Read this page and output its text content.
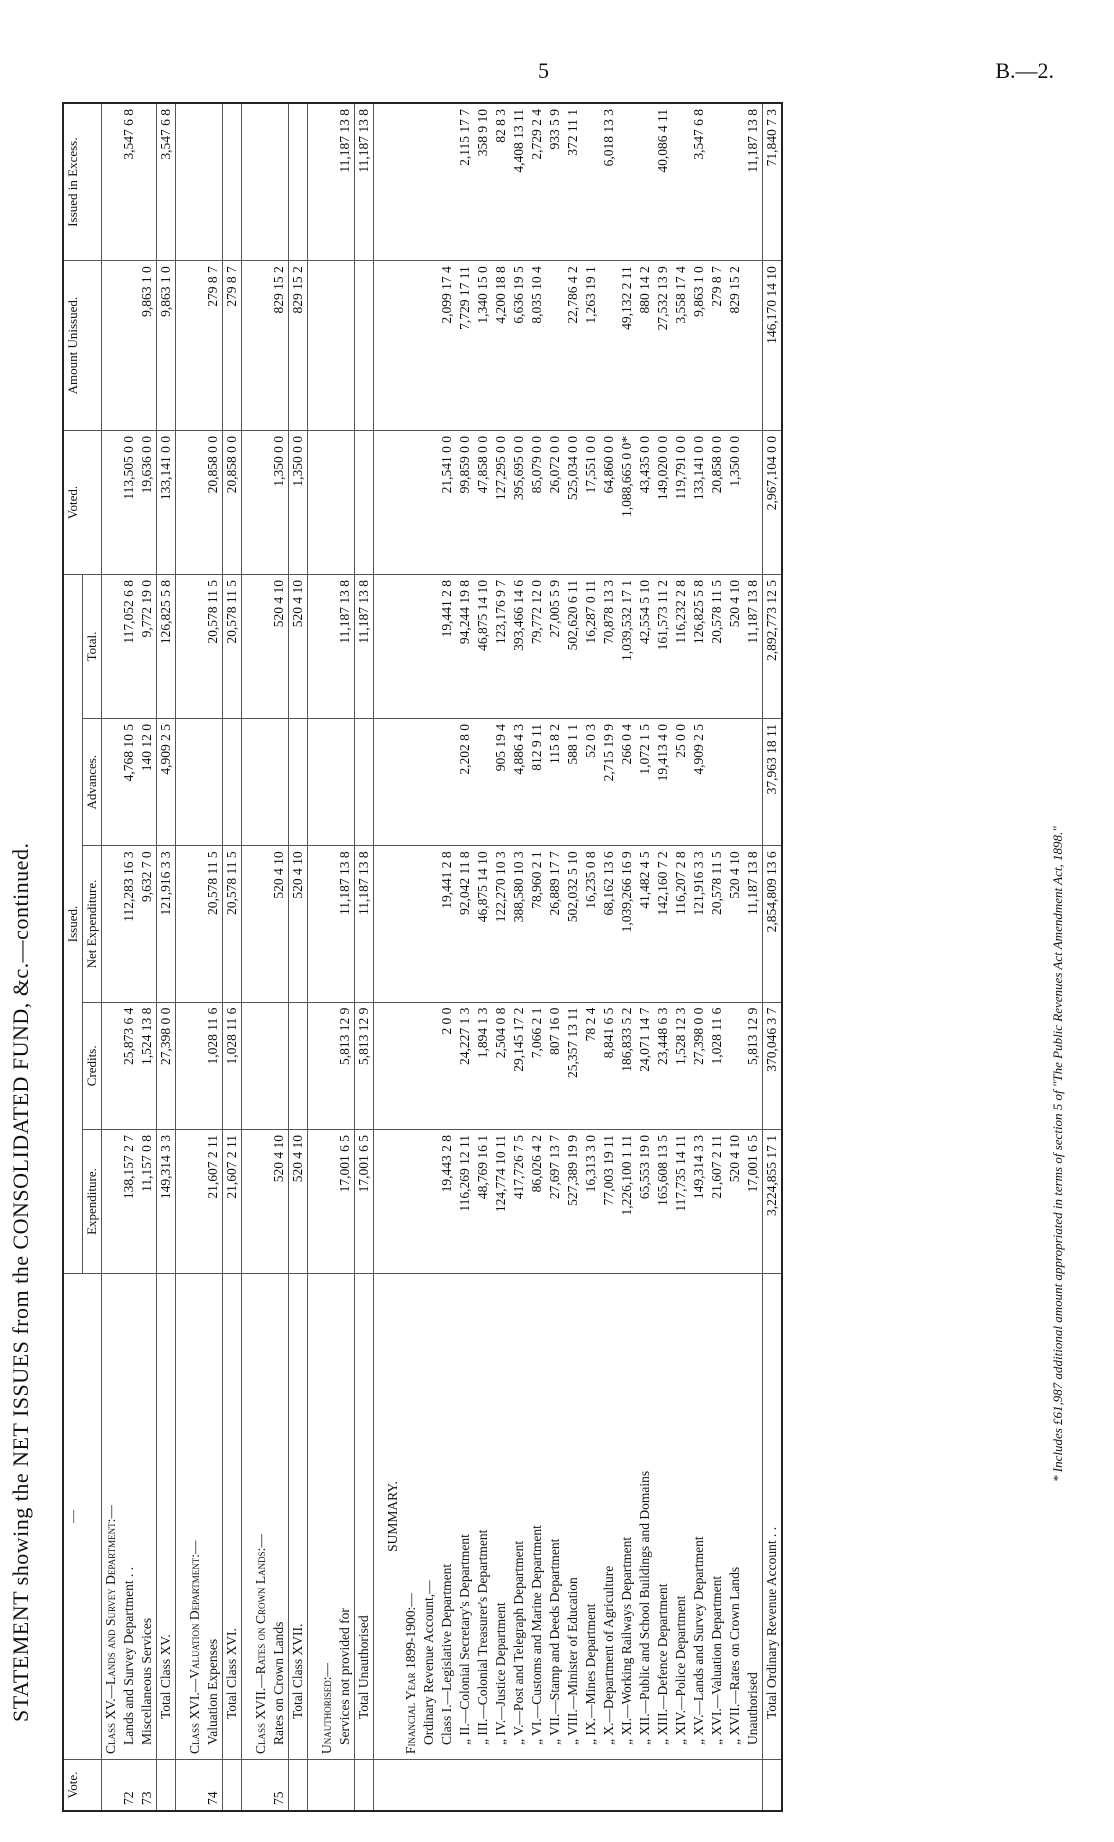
5	B.—2.
STATEMENT showing the NET ISSUES from the CONSOLIDATED FUND, &c.—continued.
Vote.	—	Issued.					Voted.	Amount Unissued.	Issued in Excess.
		Expenditure.	Credits.	Net Expenditure.	Advances.	Total.			
	Class XV.—Lands and Survey Department:—								
72	Lands and Survey Department . .	138,157 2 7	25,873 6 4	112,283 16 3	4,768 10 5	117,052 6 8	113,505 0 0		3,547 6 8
73	Miscellaneous Services	11,157 0 8	1,524 13 8	9,632 7 0	140 12 0	9,772 19 0	19,636 0 0	9,863 1 0	
	Total Class XV.	149,314 3 3	27,398 0 0	121,916 3 3	4,909 2 5	126,825 5 8	133,141 0 0	9,863 1 0	3,547 6 8

	Class XVI.—Valuation Department:—								
74	Valuation Expenses	21,607 2 11	1,028 11 6	20,578 11 5		20,578 11 5	20,858 0 0	279 8 7	
	Total Class XVI.	21,607 2 11	1,028 11 6	20,578 11 5		20,578 11 5	20,858 0 0	279 8 7	

	Class XVII.—Rates on Crown Lands:—								
75	Rates on Crown Lands	520 4 10		520 4 10		520 4 10	1,350 0 0	829 15 2	
	Total Class XVII.	520 4 10		520 4 10		520 4 10	1,350 0 0	829 15 2	

	Unauthorised:—								
	Services not provided for	17,001 6 5	5,813 12 9	11,187 13 8		11,187 13 8			11,187 13 8
	Total Unauthorised	17,001 6 5	5,813 12 9	11,187 13 8		11,187 13 8			11,187 13 8

	SUMMARY.								
	Financial Year 1899-1900:—								
	Ordinary Revenue Account,—								
	Class I.—Legislative Department	19,443 2 8	2 0 0	19,441 2 8		19,441 2 8	21,541 0 0	2,099 17 4	
	„ II.—Colonial Secretary's Department	116,269 12 11	24,227 1 3	92,042 11 8	2,202 8 0	94,244 19 8	99,859 0 0	7,729 17 11	2,115 17 7
	„ III.—Colonial Treasurer's Department	48,769 16 1	1,894 1 3	46,875 14 10		46,875 14 10	47,858 0 0	1,340 15 0	358 9 10
	„ IV.—Justice Department	124,774 10 11	2,504 0 8	122,270 10 3	905 19 4	123,176 9 7	127,295 0 0	4,200 18 8	82 8 3
	„ V.—Post and Telegraph Department	417,726 7 5	29,145 17 2	388,580 10 3	4,886 4 3	393,466 14 6	395,695 0 0	6,636 19 5	4,408 13 11
	„ VI.—Customs and Marine Department	86,026 4 2	7,066 2 1	78,960 2 1	812 9 11	79,772 12 0	85,079 0 0	8,035 10 4	2,729 2 4
	„ VII.—Stamp and Deeds Department	27,697 13 7	807 16 0	26,889 17 7	115 8 2	27,005 5 9	26,072 0 0		933 5 9
	„ VIII.—Minister of Education	527,389 19 9	25,357 13 11	502,032 5 10	588 1 1	502,620 6 11	525,034 0 0	22,786 4 2	372 11 1
	„ IX.—Mines Department	16,313 3 0	78 2 4	16,235 0 8	52 0 3	16,287 0 11	17,551 0 0	1,263 19 1	
	„ X.—Department of Agriculture	77,003 19 11	8,841 6 5	68,162 13 6	2,715 19 9	70,878 13 3	64,860 0 0		6,018 13 3
	„ XI.—Working Railways Department	1,226,100 1 11	186,833 5 2	1,039,266 16 9	266 0 4	1,039,532 17 1	1,088,665 0 0*	49,132 2 11	
	„ XII.—Public and School Buildings and Domains	65,553 19 0	24,071 14 7	41,482 4 5	1,072 1 5	42,554 5 10	43,435 0 0	880 14 2	
	„ XIII.—Defence Department	165,608 13 5	23,448 6 3	142,160 7 2	19,413 4 0	161,573 11 2	149,020 0 0	27,532 13 9	40,086 4 11
	„ XIV.—Police Department	117,735 14 11	1,528 12 3	116,207 2 8	25 0 0	116,232 2 8	119,791 0 0	3,558 17 4	
	„ XV.—Lands and Survey Department	149,314 3 3	27,398 0 0	121,916 3 3	4,909 2 5	126,825 5 8	133,141 0 0	9,863 1 0	3,547 6 8
	„ XVI.—Valuation Department	21,607 2 11	1,028 11 6	20,578 11 5		20,578 11 5	20,858 0 0	279 8 7	
	„ XVII.—Rates on Crown Lands	520 4 10		520 4 10		520 4 10	1,350 0 0	829 15 2	
	Unauthorised	17,001 6 5	5,813 12 9	11,187 13 8		11,187 13 8			11,187 13 8
	Total Ordinary Revenue Account . .	3,224,855 17 1	370,046 3 7	2,854,809 13 6	37,963 18 11	2,892,773 12 5	2,967,104 0 0	146,170 14 10	71,840 7 3
* Includes £61,987 additional amount appropriated in terms of section 5 of "The Public Revenues Act Amendment Act, 1898."
